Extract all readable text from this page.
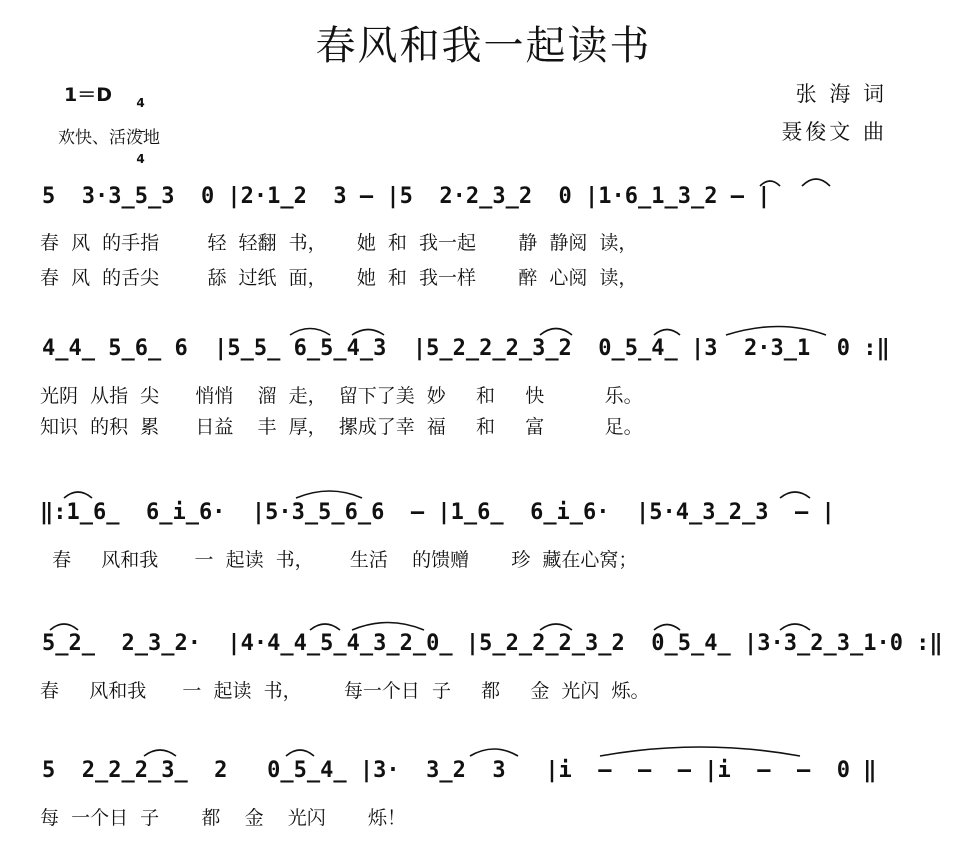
春风和我一起读书
1＝D

4

4

欢快、活泼地
张 海 词
聂俊文 曲
5  3·3̲5̲3  0 |2·1̲2  3 – |5  2·2̲3̲2  0 |1·6̲1̲3̲2 – |
春  风  的手指        轻  轻翻  书，     她  和  我一起       静  静阅  读，
春  风  的舌尖        舔  过纸  面，     她  和  我一样       醉  心阅  读，
4̲4̲ 5̲6̲ 6  |5̲5̲ 6̲5̲4̲3  |5̲2̲2̲2̲3̲2  0̲5̲4̲ |3  2·3̲1  0 :‖
光阴  从指  尖      悄悄    溜  走，  留下了美  妙     和     快          乐。
知识  的积  累      日益    丰  厚，  摞成了幸  福     和     富          足。
‖:1̲6̲  6̲i̲6·  |5·3̲5̲6̲6  – |1̲6̲  6̲i̲6·  |5·4̲3̲2̲3  – |
春     风和我      一  起读  书，      生活    的馈赠       珍  藏在心窝；
5̲2̲  2̲3̲2·  |4·4̲4̲5̲4̲3̲2̲0̲ |5̲2̲2̲2̲3̲2  0̲5̲4̲ |3·3̲2̲3̲1·0 :‖
春     风和我      一  起读  书，       每一个日  子     都     金  光闪  烁。
5  2̲2̲2̲3̲  2   0̲5̲4̲ |3·  3̲2  3   |i  –  –  – |i  –  –  0 ‖
每  一个日  子       都    金    光闪       烁！
